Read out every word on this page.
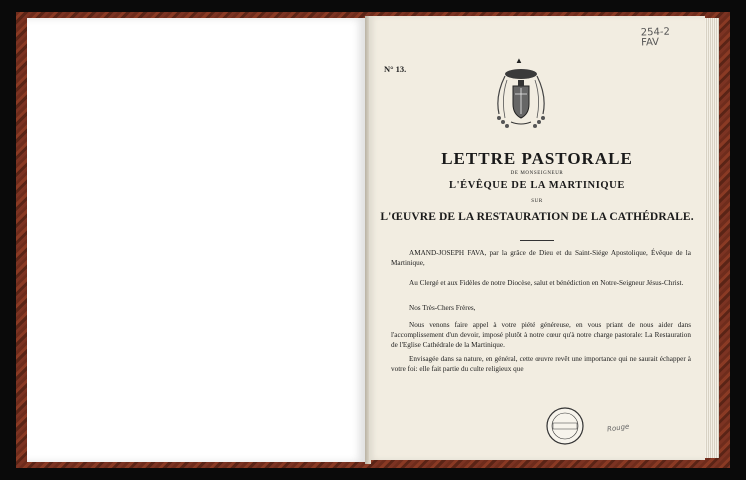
254-2
FAV
N° 13.
▲
LETTRE PASTORALE
DE MONSEIGNEUR
L'ÉVÊQUE DE LA MARTINIQUE
SUR
L'ŒUVRE DE LA RESTAURATION DE LA CATHÉDRALE.
AMAND-JOSEPH FAVA, par la grâce de Dieu et du Saint-Siége Apostolique, Évêque de la Martinique,
Au Clergé et aux Fidèles de notre Diocèse, salut et bénédiction en Notre-Seigneur Jésus-Christ.
Nos Très-Chers Frères,
Nous venons faire appel à votre piété généreuse, en vous priant de nous aider dans l'accomplissement d'un devoir, imposé plutôt à notre cœur qu'à notre charge pastorale: La Restauration de l'Eglise Cathédrale de la Martinique.
Envisagée dans sa nature, en général, cette œuvre revêt une importance qui ne saurait échapper à votre foi: elle fait partie du culte religieux que
Rouge
